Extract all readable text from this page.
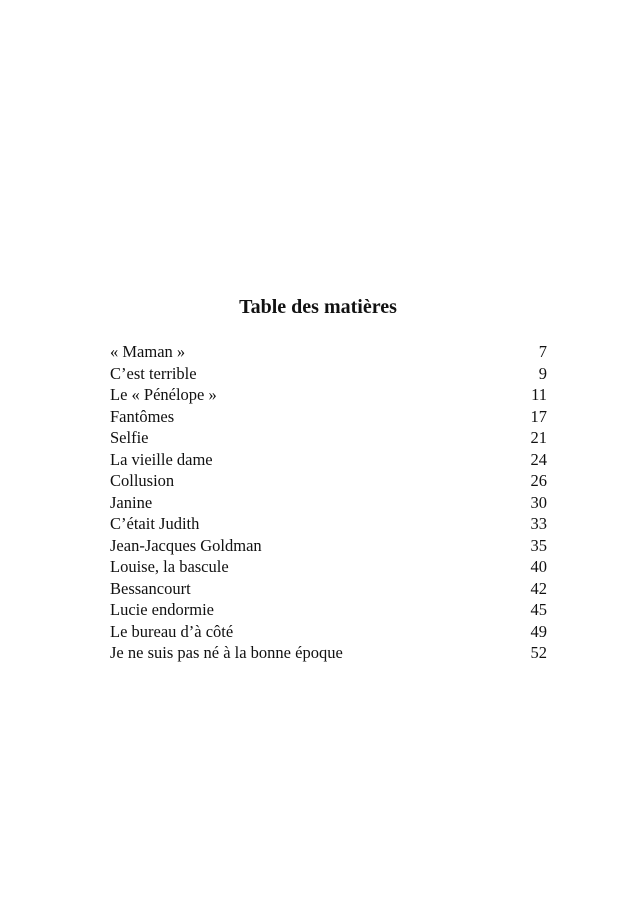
Table des matières
« Maman »	7
C’est terrible	9
Le « Pénélope »	11
Fantômes	17
Selfie	21
La vieille dame	24
Collusion	26
Janine	30
C’était Judith	33
Jean-Jacques Goldman	35
Louise, la bascule	40
Bessancourt	42
Lucie endormie	45
Le bureau d’à côté	49
Je ne suis pas né à la bonne époque	52
